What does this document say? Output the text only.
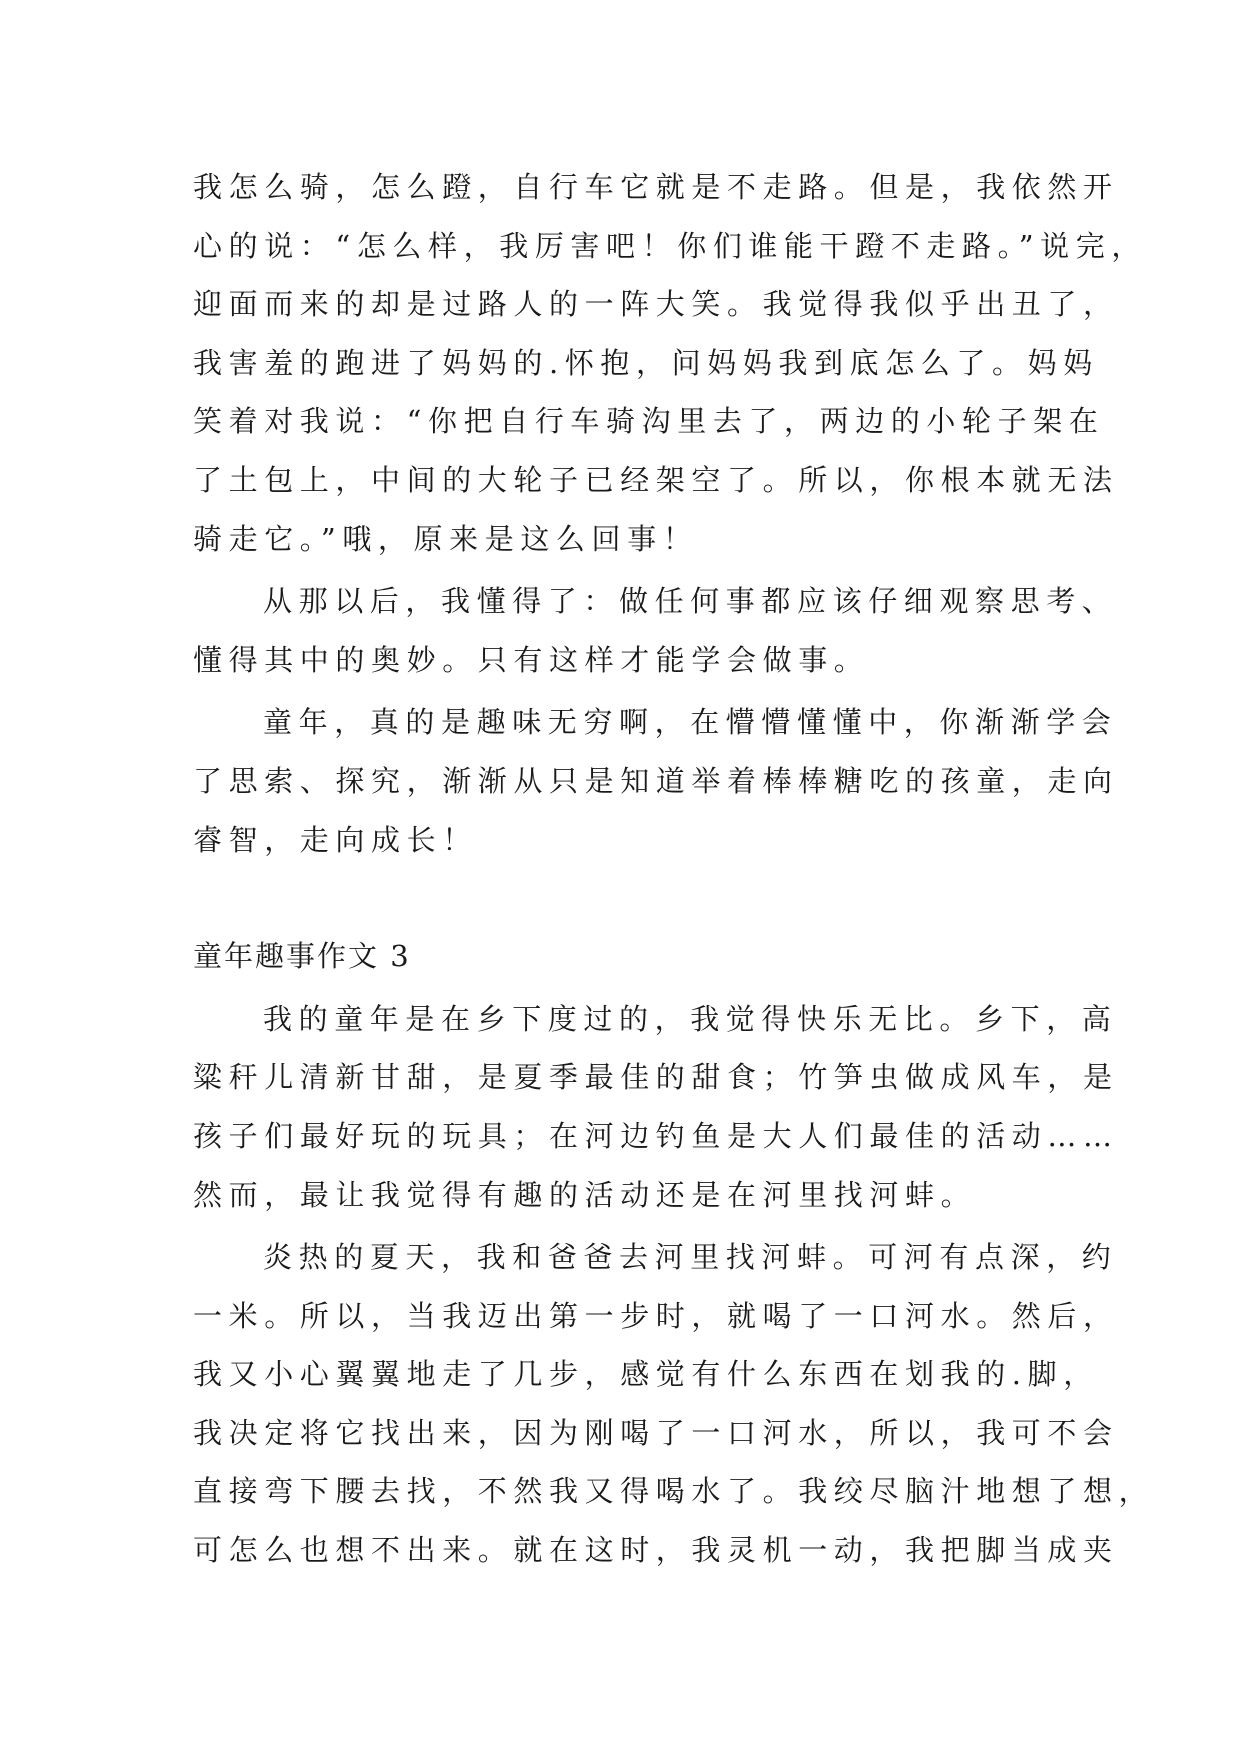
我怎么骑，怎么蹬，自行车它就是不走路。但是，我依然开
心的说：“怎么样，我厉害吧！你们谁能干蹬不走路。”说完，
迎面而来的却是过路人的一阵大笑。我觉得我似乎出丑了，
我害羞的跑进了妈妈的.怀抱，问妈妈我到底怎么了。妈妈
笑着对我说：“你把自行车骑沟里去了，两边的小轮子架在
了土包上，中间的大轮子已经架空了。所以，你根本就无法
骑走它。”哦，原来是这么回事！
从那以后，我懂得了：做任何事都应该仔细观察思考、
懂得其中的奥妙。只有这样才能学会做事。
童年，真的是趣味无穷啊，在懵懵懂懂中，你渐渐学会
了思索、探究，渐渐从只是知道举着棒棒糖吃的孩童，走向
睿智，走向成长！
童年趣事作文 3
我的童年是在乡下度过的，我觉得快乐无比。乡下，高
粱秆儿清新甘甜，是夏季最佳的甜食；竹笋虫做成风车，是
孩子们最好玩的玩具；在河边钓鱼是大人们最佳的活动……
然而，最让我觉得有趣的活动还是在河里找河蚌。
炎热的夏天，我和爸爸去河里找河蚌。可河有点深，约
一米。所以，当我迈出第一步时，就喝了一口河水。然后，
我又小心翼翼地走了几步，感觉有什么东西在划我的.脚，
我决定将它找出来，因为刚喝了一口河水，所以，我可不会
直接弯下腰去找，不然我又得喝水了。我绞尽脑汁地想了想，
可怎么也想不出来。就在这时，我灵机一动，我把脚当成夹
